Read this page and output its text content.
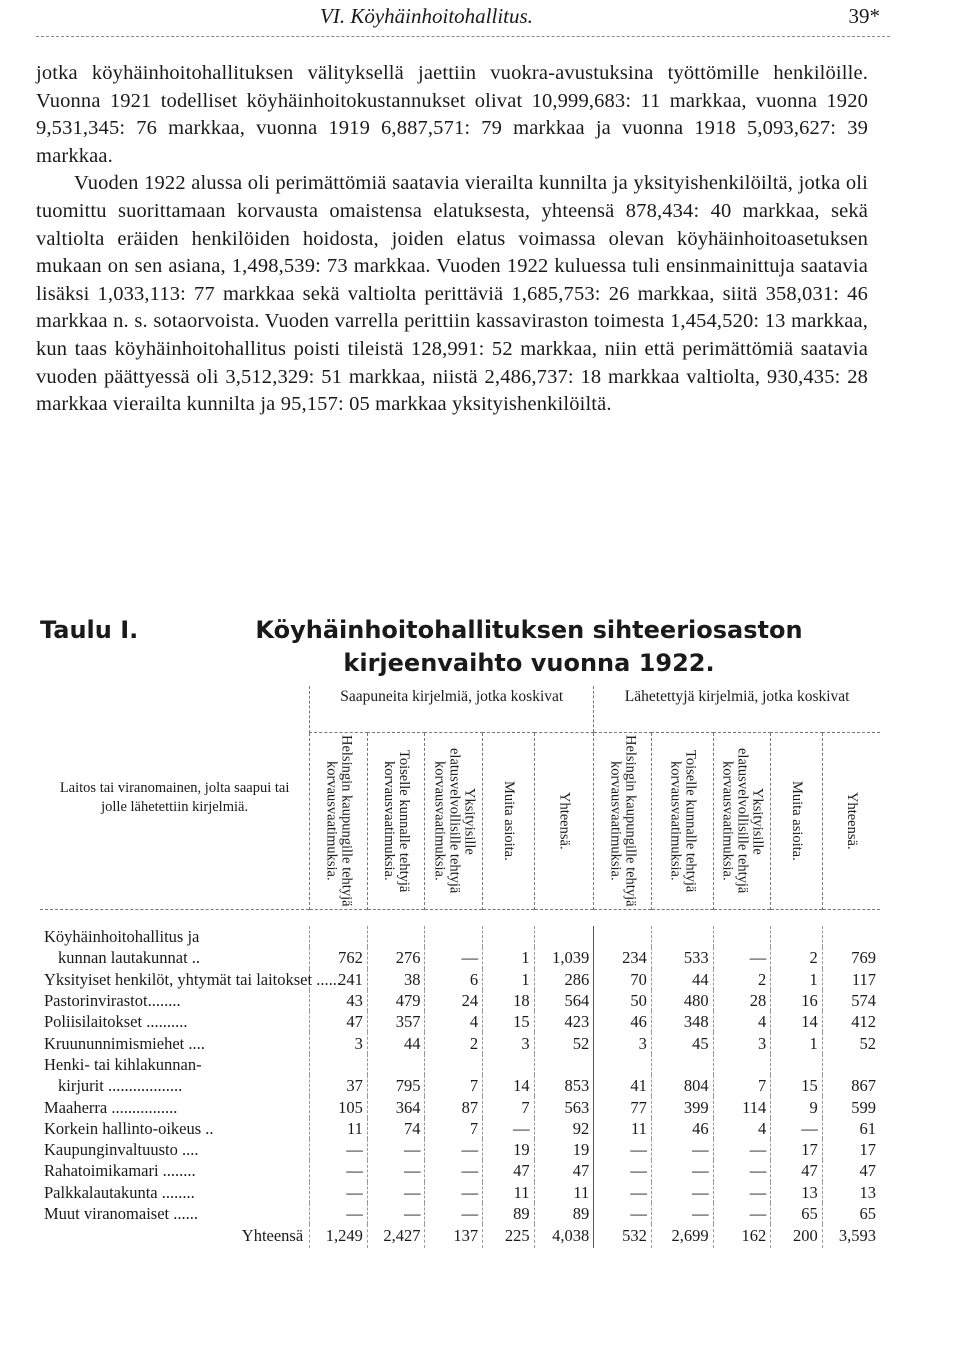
VI. Köyhäinhoitohallitus.	39*

jotka köyhäinhoitohallituksen välityksellä jaettiin vuokra-avustuksina työttömille henkilöille. Vuonna 1921 todelliset köyhäinhoitokustannukset olivat 10,999,683: 11 markkaa, vuonna 1920 9,531,345: 76 markkaa, vuonna 1919 6,887,571: 79 markkaa ja vuonna 1918 5,093,627: 39 markkaa.

Vuoden 1922 alussa oli perimättömiä saatavia vierailta kunnilta ja yksityishenkilöiltä, jotka oli tuomittu suorittamaan korvausta omaistensa elatuksesta, yhteensä 878,434: 40 markkaa, sekä valtiolta eräiden henkilöiden hoidosta, joiden elatus voimassa olevan köyhäinhoitoasetuksen mukaan on sen asiana, 1,498,539: 73 markkaa. Vuoden 1922 kuluessa tuli ensinmainittuja saatavia lisäksi 1,033,113: 77 markkaa sekä valtiolta perittäviä 1,685,753: 26 markkaa, siitä 358,031: 46 markkaa n. s. sotaorvoista. Vuoden varrella perittiin kassaviraston toimesta 1,454,520: 13 markkaa, kun taas köyhäinhoitohallitus poisti tileistä 128,991: 52 markkaa, niin että perimättömiä saatavia vuoden päättyessä oli 3,512,329: 51 markkaa, niistä 2,486,737: 18 markkaa valtiolta, 930,435: 28 markkaa vierailta kunnilta ja 95,157: 05 markkaa yksityishenkilöiltä.

Taulu I.	Köyhäinhoitohallituksen sihteeriosaston kirjeenvaihto vuonna 1922.
Laitos tai viranomainen, jolta saapui tai jolle lähetettiin kirjelmiä.	Saapuneita kirjelmiä, jotka koskivat					Lähetettyjä kirjelmiä, jotka koskivat				

	Helsingin kaupungille tehtyjä korvausvaatimuksia.	Toiselle kunnalle tehtyjä korvausvaatimuksia.	Yksityisille elatusvelvollisille tehtyjä korvausvaatimuksia.	Muita asioita.	Yhteensä.	Helsingin kaupungille tehtyjä korvausvaatimuksia.	Toiselle kunnalle tehtyjä korvausvaatimuksia.	Yksityisille elatusvelvollisille tehtyjä korvausvaatimuksia.	Muita asioita.	Yhteensä.

Köyhäinhoitohallitus ja										
kunnan lautakunnat ..	762	276	—	1	1,039	234	533	—	2	769
Yksityiset henkilöt, yhtymät tai laitokset ......	241	38	6	1	286	70	44	2	1	117
Pastorinvirastot........	43	479	24	18	564	50	480	28	16	574
Poliisilaitokset ..........	47	357	4	15	423	46	348	4	14	412
Kruununnimismiehet ....	3	44	2	3	52	3	45	3	1	52
Henki- tai kihlakunnan-										
kirjurit ..................	37	795	7	14	853	41	804	7	15	867
Maaherra ................	105	364	87	7	563	77	399	114	9	599
Korkein hallinto-oikeus ..	11	74	7	—	92	11	46	4	—	61
Kaupunginvaltuusto ....	—	—	—	19	19	—	—	—	17	17
Rahatoimikamari ........	—	—	—	47	47	—	—	—	47	47
Palkkalautakunta ........	—	—	—	11	11	—	—	—	13	13
Muut viranomaiset ......	—	—	—	89	89	—	—	—	65	65
Yhteensä	1,249	2,427	137	225	4,038	532	2,699	162	200	3,593
